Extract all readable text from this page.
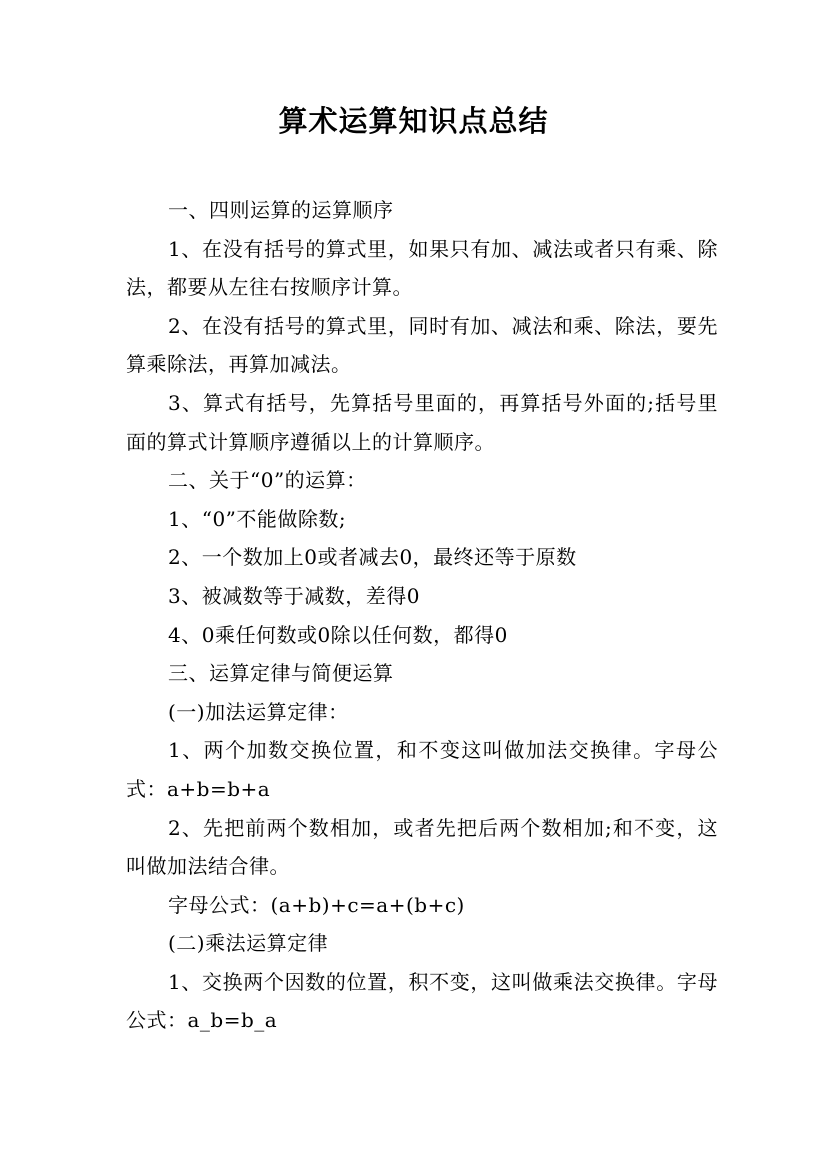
算术运算知识点总结

一、四则运算的运算顺序

1、在没有括号的算式里，如果只有加、减法或者只有乘、除法，都要从左往右按顺序计算。

2、在没有括号的算式里，同时有加、减法和乘、除法，要先算乘除法，再算加减法。

3、算式有括号，先算括号里面的，再算括号外面的;括号里面的算式计算顺序遵循以上的计算顺序。

二、关于“0”的运算：

1、“0”不能做除数;

2、一个数加上0或者减去0，最终还等于原数

3、被减数等于减数，差得0

4、0乘任何数或0除以任何数，都得0

三、运算定律与简便运算

(一)加法运算定律：

1、两个加数交换位置，和不变这叫做加法交换律。字母公式：a+b=b+a

2、先把前两个数相加，或者先把后两个数相加;和不变，这叫做加法结合律。

字母公式：(a+b)+c=a+(b+c)

(二)乘法运算定律

1、交换两个因数的位置，积不变，这叫做乘法交换律。字母公式：a_b=b_a
